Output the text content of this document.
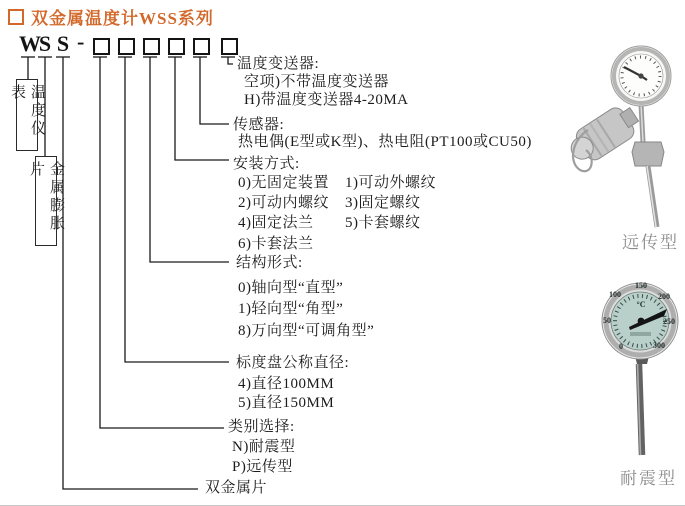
双金属温度计WSS系列
W
S S -
温度仪表
金属膨胀片
温度变送器:
空项)不带温度变送器
H)带温度变送器4-20MA
传感器:
热电偶(E型或K型)、热电阻(PT100或CU50)
安装方式:
0)无固定装置 1)可动外螺纹
2)可动内螺纹 3)固定螺纹
4)固定法兰 5)卡套螺纹
6)卡套法兰
结构形式:
0)轴向型“直型”
1)轻向型“角型”
8)万向型“可调角型”
标度盘公称直径:
4)直径100MM
5)直径150MM
类别选择:
N)耐震型
P)远传型
双金属片
远传型
0
50
100
150
200
250
300
°C
耐震型
